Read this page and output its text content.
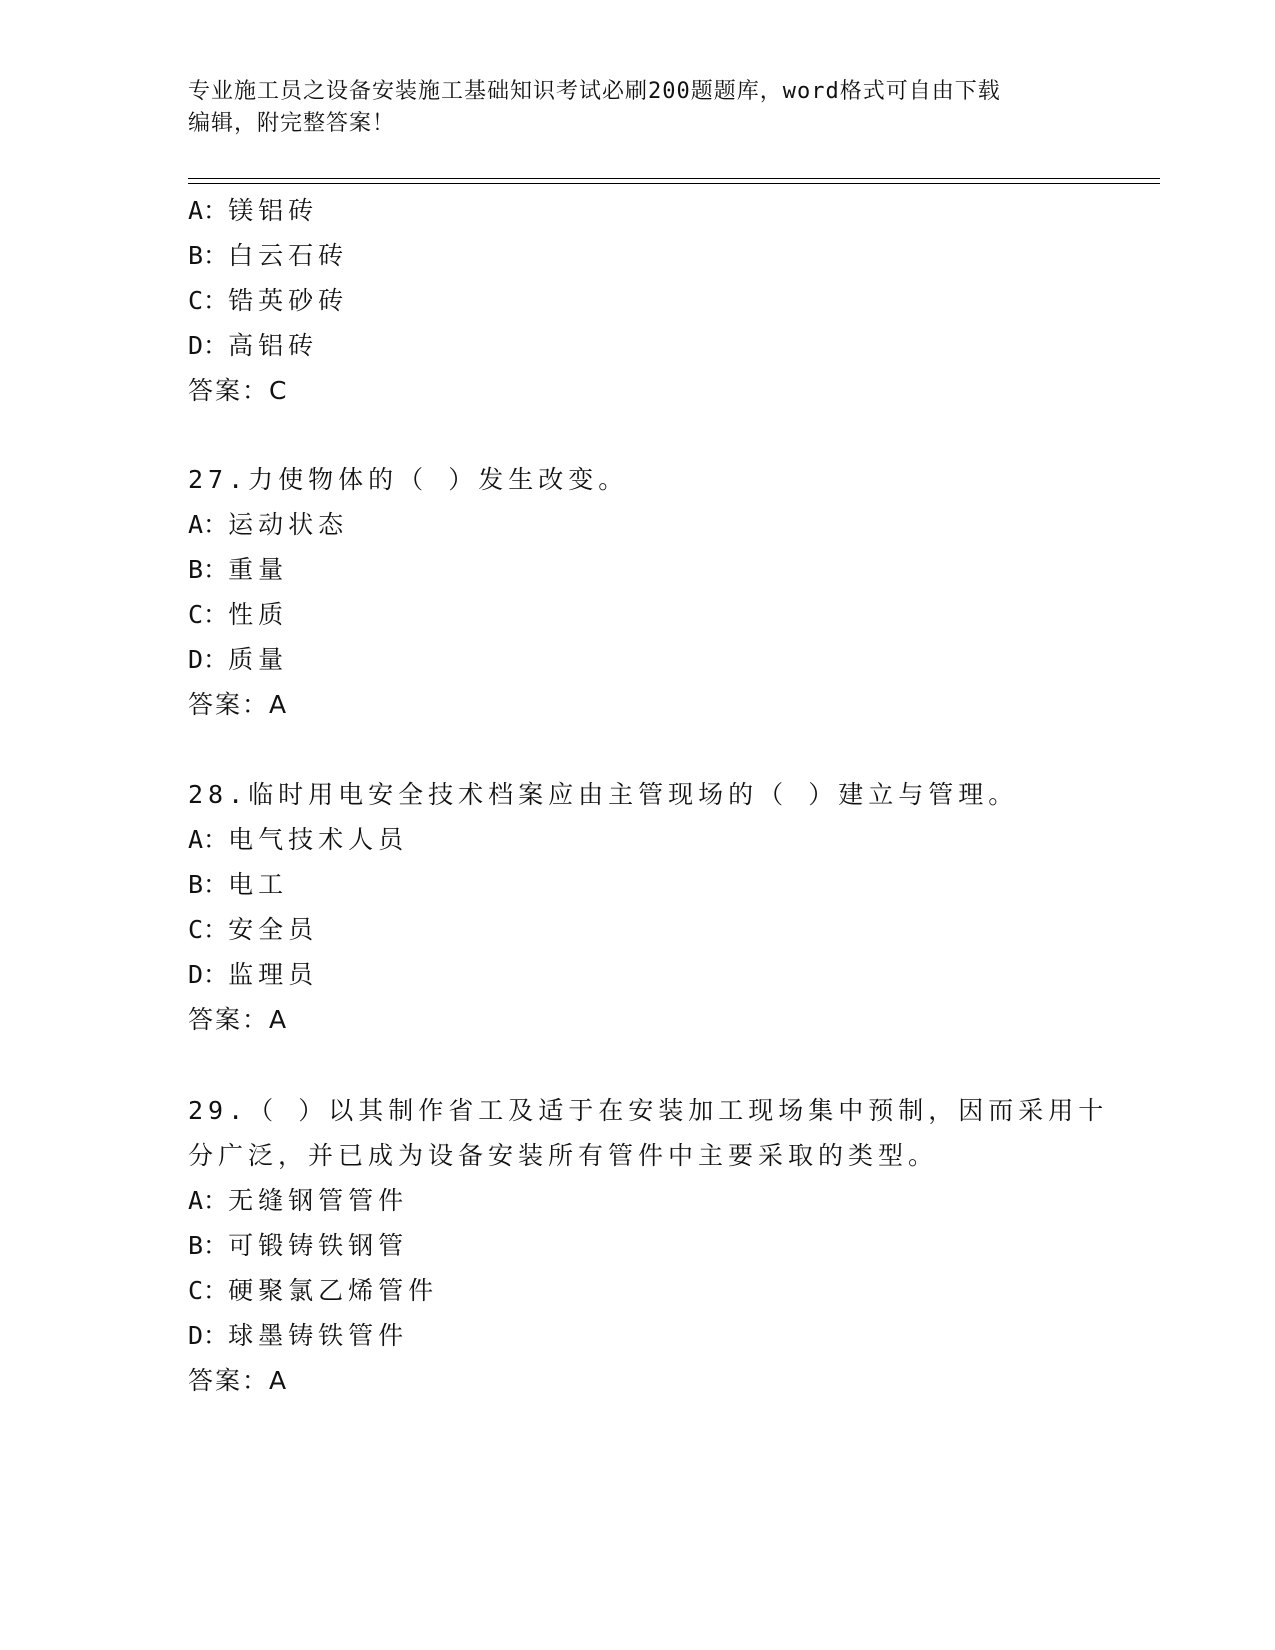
专业施工员之设备安装施工基础知识考试必刷200题题库，word格式可自由下载
编辑，附完整答案！
A：镁铝砖
B：白云石砖
C：锆英砂砖
D：高铝砖
答案：C
27.力使物体的（ ）发生改变。
A：运动状态
B：重量
C：性质
D：质量
答案：A
28.临时用电安全技术档案应由主管现场的（ ）建立与管理。
A：电气技术人员
B：电工
C：安全员
D：监理员
答案：A
29.（ ）以其制作省工及适于在安装加工现场集中预制，因而采用十
分广泛，并已成为设备安装所有管件中主要采取的类型。
A：无缝钢管管件
B：可锻铸铁钢管
C：硬聚氯乙烯管件
D：球墨铸铁管件
答案：A
